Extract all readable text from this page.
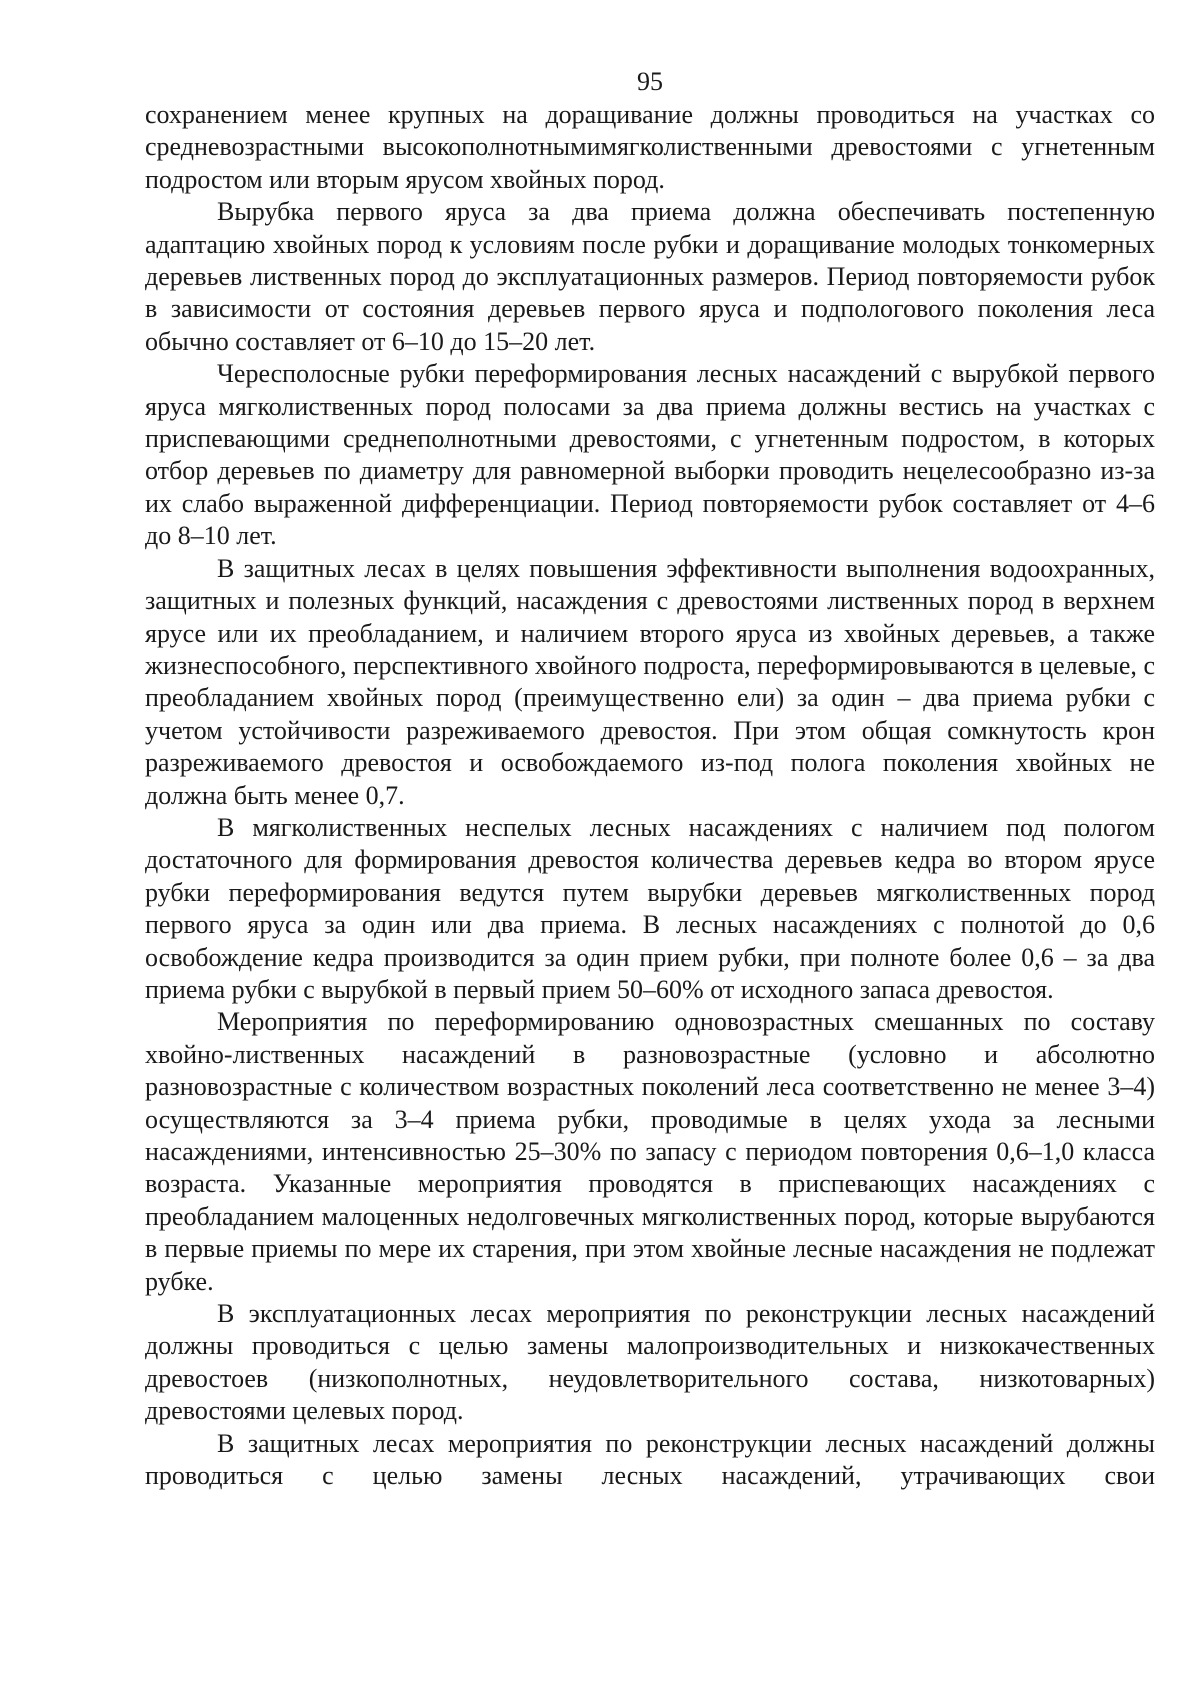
95

сохранением менее крупных на доращивание должны проводиться на участках со средневозрастными высокополнотнымимягколиственными древостоями с угнетенным подростом или вторым ярусом хвойных пород.

Вырубка первого яруса за два приема должна обеспечивать постепенную адаптацию хвойных пород к условиям после рубки и доращивание молодых тонкомерных деревьев лиственных пород до эксплуатационных размеров. Период повторяемости рубок в зависимости от состояния деревьев первого яруса и подпологового поколения леса обычно составляет от 6–10 до 15–20 лет.

Чересполосные рубки переформирования лесных насаждений с вырубкой первого яруса мягколиственных пород полосами за два приема должны вестись на участках с приспевающими среднеполнотными древостоями, с угнетенным подростом, в которых отбор деревьев по диаметру для равномерной выборки проводить нецелесообразно из-за их слабо выраженной дифференциации. Период повторяемости рубок составляет от 4–6 до 8–10 лет.

В защитных лесах в целях повышения эффективности выполнения водоохранных, защитных и полезных функций, насаждения с древостоями лиственных пород в верхнем ярусе или их преобладанием, и наличием второго яруса из хвойных деревьев, а также жизнеспособного, перспективного хвойного подроста, переформировываются в целевые, с преобладанием хвойных пород (преимущественно ели) за один – два приема рубки с учетом устойчивости разреживаемого древостоя. При этом общая сомкнутость крон разреживаемого древостоя и освобождаемого из-под полога поколения хвойных не должна быть менее 0,7.

В мягколиственных неспелых лесных насаждениях с наличием под пологом достаточного для формирования древостоя количества деревьев кедра во втором ярусе рубки переформирования ведутся путем вырубки деревьев мягколиственных пород первого яруса за один или два приема. В лесных насаждениях с полнотой до 0,6 освобождение кедра производится за один прием рубки, при полноте более 0,6 – за два приема рубки с вырубкой в первый прием 50–60% от исходного запаса древостоя.

Мероприятия по переформированию одновозрастных смешанных по составу хвойно-лиственных насаждений в разновозрастные (условно и абсолютно разновозрастные с количеством возрастных поколений леса соответственно не менее 3–4) осуществляются за 3–4 приема рубки, проводимые в целях ухода за лесными насаждениями, интенсивностью 25–30% по запасу с периодом повторения 0,6–1,0 класса возраста. Указанные мероприятия проводятся в приспевающих насаждениях с преобладанием малоценных недолговечных мягколиственных пород, которые вырубаются в первые приемы по мере их старения, при этом хвойные лесные насаждения не подлежат рубке.

В эксплуатационных лесах мероприятия по реконструкции лесных насаждений должны проводиться с целью замены малопроизводительных и низкокачественных древостоев (низкополнотных, неудовлетворительного состава, низкотоварных) древостоями целевых пород.

В защитных лесах мероприятия по реконструкции лесных насаждений должны проводиться с целью замены лесных насаждений, утрачивающих свои
